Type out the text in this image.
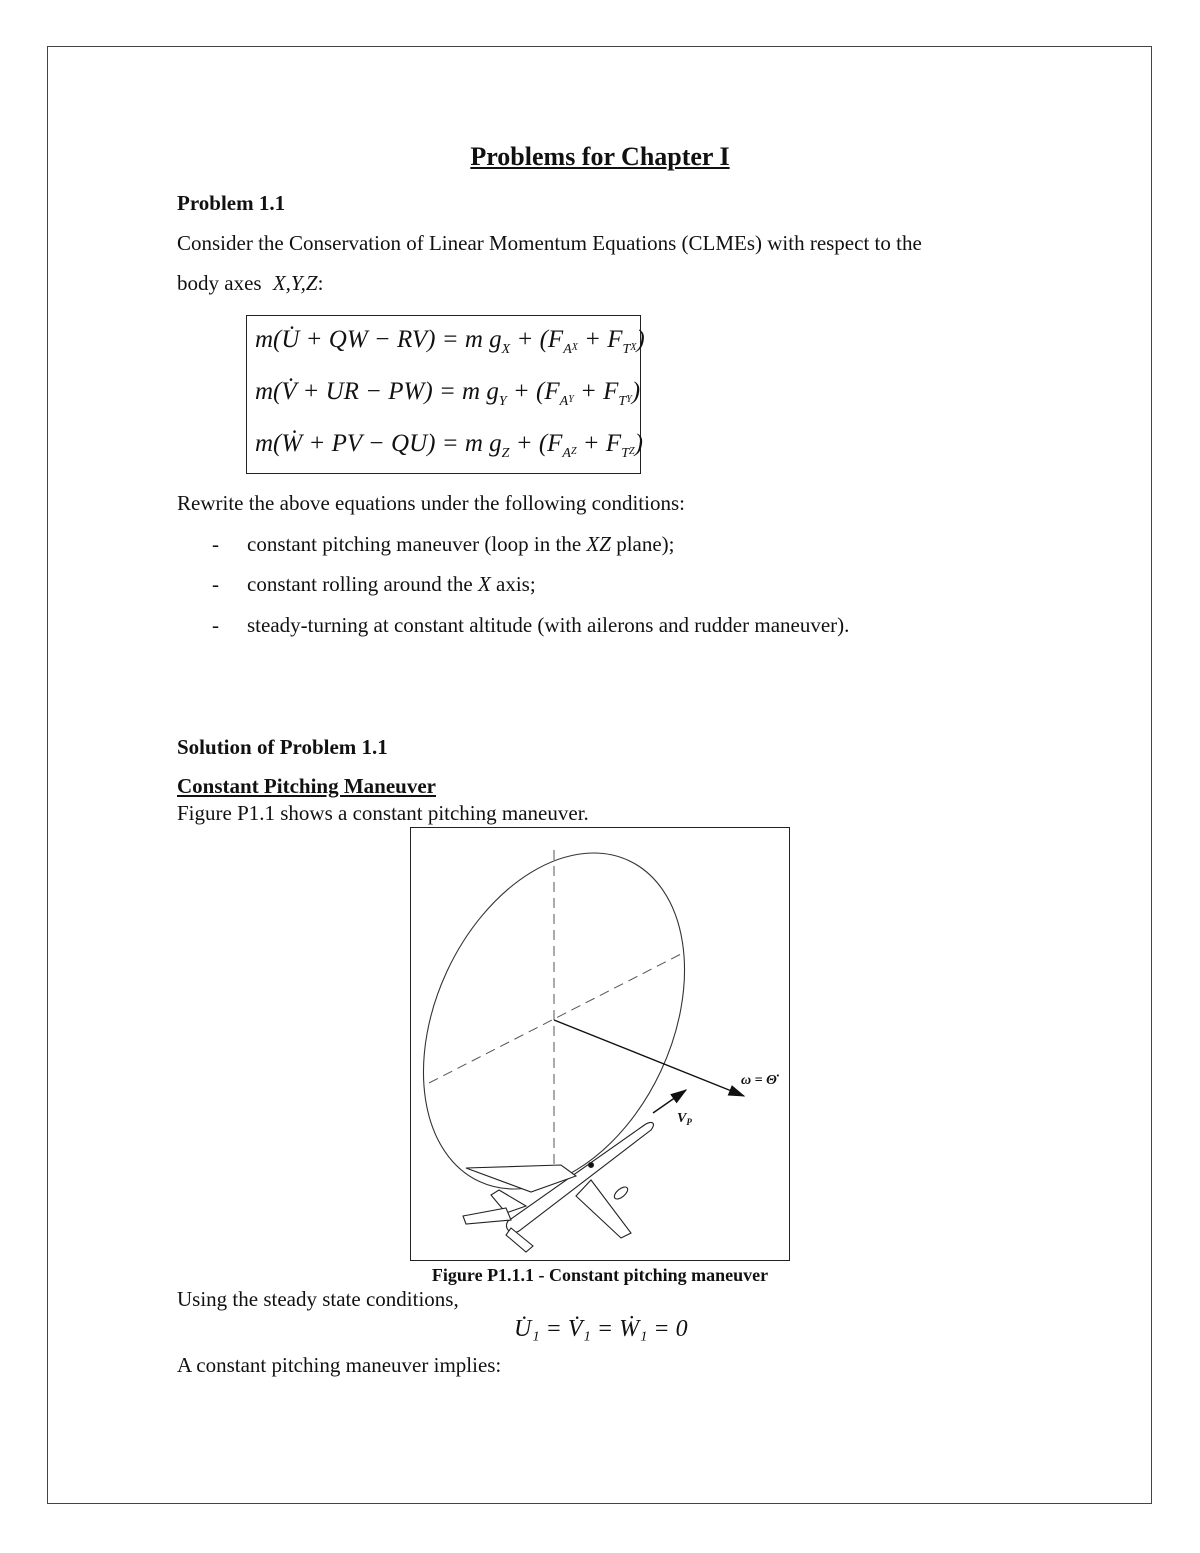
Problems for Chapter I
Problem 1.1
Consider the Conservation of Linear Momentum Equations (CLMEs) with respect to the
body axes X,Y,Z:
m(U̇ + QW − RV) = m $g_X + (F_AX + F_TX)$
m(V̇ + UR − PW) = m $g_Y + (F_AY + F_TY)$
m(Ẇ + PV − QU) = m $g_Z + (F_AZ + F_TZ)$
Rewrite the above equations under the following conditions:
- constant pitching maneuver (loop in the XZ plane);
- constant rolling around the X axis;
- steady-turning at constant altitude (with ailerons and rudder maneuver).
Solution of Problem 1.1
Constant Pitching Maneuver
Figure P1.1 shows a constant pitching maneuver.
ω = Θ̇
$V_P$
Figure P1.1.1 - Constant pitching maneuver
Using the steady state conditions,
U̇₁ = V̇₁ = Ẇ₁ = 0
A constant pitching maneuver implies:
